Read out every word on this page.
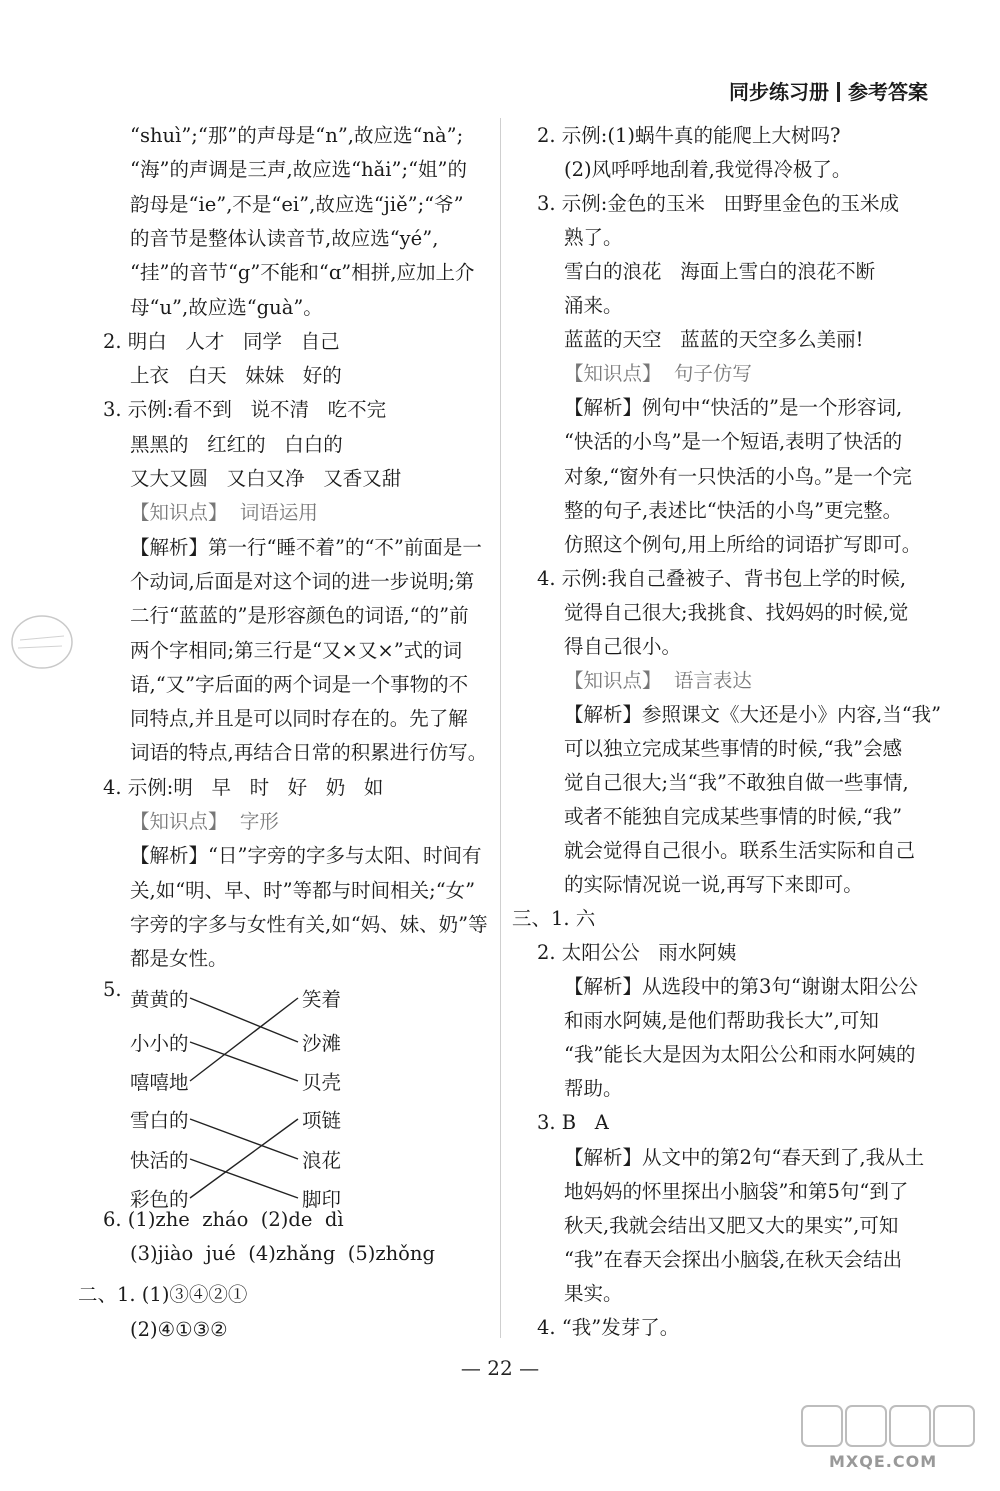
同步练习册 参考答案
“shuì”;“那”的声母是“n”,故应选“nà”;
“海”的声调是三声,故应选“hǎi”;“姐”的
韵母是“ie”,不是“ei”,故应选“jiě”;“爷”
的音节是整体认读音节,故应选“yé”,
“挂”的音节“g”不能和“ɑ”相拼,应加上介
母“u”,故应选“guà”。
2. 明白   人才   同学   自己
上衣   白天   妹妹   好的
3. 示例:看不到   说不清   吃不完
黑黑的   红红的   白白的
又大又圆   又白又净   又香又甜
【知识点】  词语运用
【解析】第一行“睡不着”的“不”前面是一
个动词,后面是对这个词的进一步说明;第
二行“蓝蓝的”是形容颜色的词语,“的”前
两个字相同;第三行是“又×又×”式的词
语,“又”字后面的两个词是一个事物的不
同特点,并且是可以同时存在的。先了解
词语的特点,再结合日常的积累进行仿写。
4. 示例:明   早   时   好   奶   如
【知识点】  字形
【解析】“日”字旁的字多与太阳、时间有
关,如“明、早、时”等都与时间相关;“女”
字旁的字多与女性有关,如“妈、妹、奶”等
都是女性。
6. (1)zhe  zháo  (2)de  dì
(3)jiào  jué  (4)zhǎng  (5)zhǒng
二、1. (1)③④②①
(2)④①③②
2. 示例:(1)蜗牛真的能爬上大树吗?
(2)风呼呼地刮着,我觉得冷极了。
3. 示例:金色的玉米   田野里金色的玉米成
熟了。
雪白的浪花   海面上雪白的浪花不断
涌来。
蓝蓝的天空   蓝蓝的天空多么美丽!
【知识点】  句子仿写
【解析】例句中“快活的”是一个形容词,
“快活的小鸟”是一个短语,表明了快活的
对象,“窗外有一只快活的小鸟。”是一个完
整的句子,表述比“快活的小鸟”更完整。
仿照这个例句,用上所给的词语扩写即可。
4. 示例:我自己叠被子、背书包上学的时候,
觉得自己很大;我挑食、找妈妈的时候,觉
得自己很小。
【知识点】  语言表达
【解析】参照课文《大还是小》内容,当“我”
可以独立完成某些事情的时候,“我”会感
觉自己很大;当“我”不敢独自做一些事情,
或者不能独自完成某些事情的时候,“我”
就会觉得自己很小。联系生活实际和自己
的实际情况说一说,再写下来即可。
三、1. 六
2. 太阳公公   雨水阿姨
【解析】从选段中的第3句“谢谢太阳公公
和雨水阿姨,是他们帮助我长大”,可知
“我”能长大是因为太阳公公和雨水阿姨的
帮助。
3. B   A
【解析】从文中的第2句“春天到了,我从土
地妈妈的怀里探出小脑袋”和第5句“到了
秋天,我就会结出又肥又大的果实”,可知
“我”在春天会探出小脑袋,在秋天会结出
果实。
4. “我”发芽了。
5. 黄黄的
小小的
嘻嘻地
笑着
沙滩
贝壳
雪白的
快活的
彩色的
项链
浪花
脚印
— 22 —
MXQE.COM
